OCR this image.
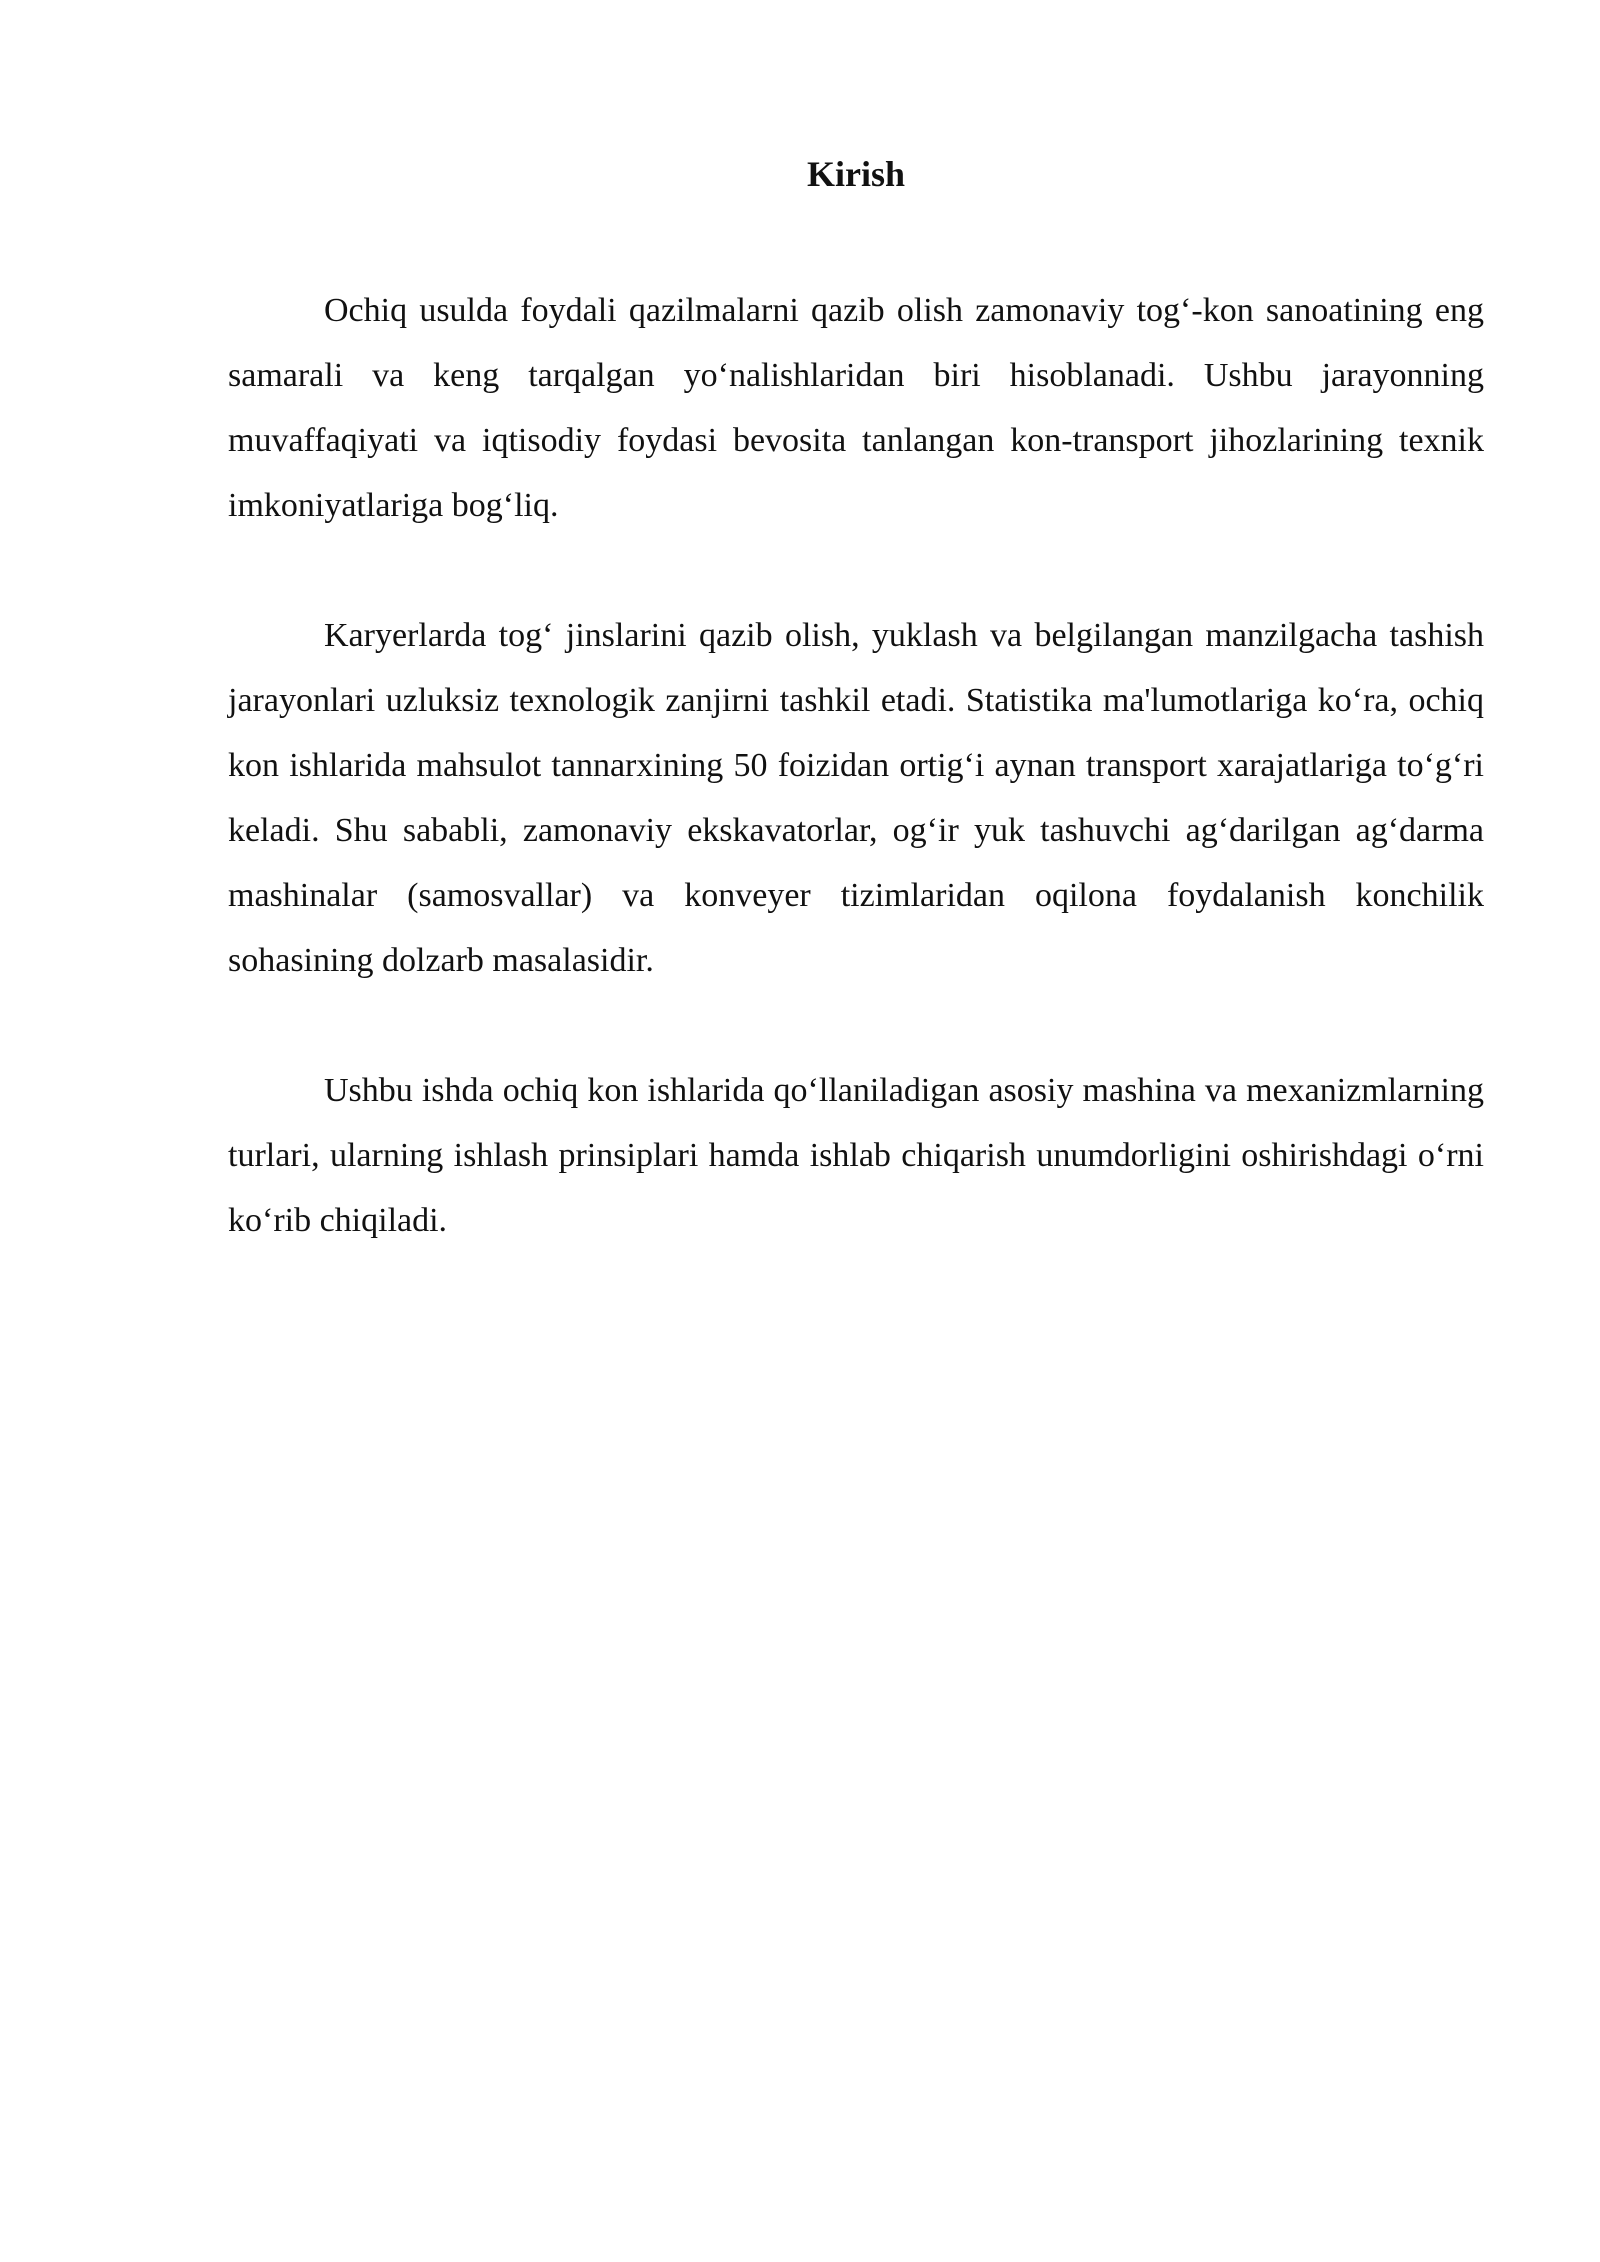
Kirish

Ochiq usulda foydali qazilmalarni qazib olish zamonaviy tog‘-kon sanoatining eng samarali va keng tarqalgan yo‘nalishlaridan biri hisoblanadi. Ushbu jarayonning muvaffaqiyati va iqtisodiy foydasi bevosita tanlangan kon-transport jihozlarining texnik imkoniyatlariga bog‘liq.

Karyerlarda tog‘ jinslarini qazib olish, yuklash va belgilangan manzilgacha tashish jarayonlari uzluksiz texnologik zanjirni tashkil etadi. Statistika ma'lumotlariga ko‘ra, ochiq kon ishlarida mahsulot tannarxining 50 foizidan ortig‘i aynan transport xarajatlariga to‘g‘ri keladi. Shu sababli, zamonaviy ekskavatorlar, og‘ir yuk tashuvchi ag‘darilgan ag‘darma mashinalar (samosvallar) va konveyer tizimlaridan oqilona foydalanish konchilik sohasining dolzarb masalasidir.

Ushbu ishda ochiq kon ishlarida qo‘llaniladigan asosiy mashina va mexanizmlarning turlari, ularning ishlash prinsiplari hamda ishlab chiqarish unumdorligini oshirishdagi o‘rni ko‘rib chiqiladi.
